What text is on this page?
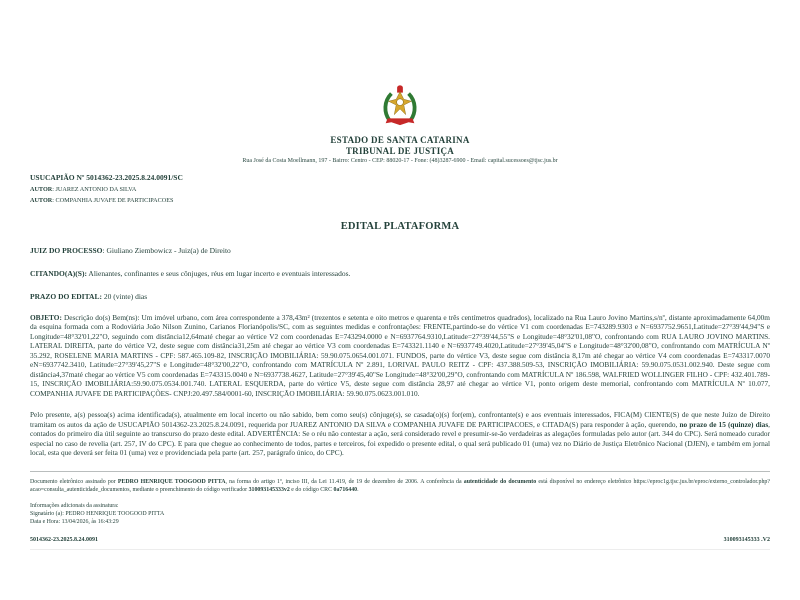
ESTADO DE SANTA CATARINA
TRIBUNAL DE JUSTIÇA
Rua José da Costa Moellmann, 197 - Bairro: Centro - CEP: 88020-17 - Fone: (48)3287-6900 - Email: capital.sucessoes@tjsc.jus.br
USUCAPIÃO Nº 5014362-23.2025.8.24.0091/SC
AUTOR: JUAREZ ANTONIO DA SILVA
AUTOR: COMPANHIA JUVAFE DE PARTICIPACOES
EDITAL PLATAFORMA
JUIZ DO PROCESSO: Giuliano Ziembowicz - Juiz(a) de Direito
CITANDO(A)(S): Alienantes, confinantes e seus cônjuges, réus em lugar incerto e eventuais interessados.
PRAZO DO EDITAL: 20 (vinte) dias
OBJETO: Descrição do(s) Bem(ns): Um imóvel urbano, com área correspondente a 378,43m² (trezentos e setenta e oito metros e quarenta e três centímetros quadrados), localizado na Rua Lauro Jovino Martins,s/nº, distante aproximadamente 64,00m da esquina formada com a Rodoviária João Nilson Zunino, Carianos Florianópolis/SC, com as seguintes medidas e confrontações: FRENTE,partindo-se do vértice V1 com coordenadas E=743289.9303 e N=6937752.9651,Latitude=27°39'44,94"S e Longitude=48°32'01,22"O, seguindo com distância12,64maté chegar ao vértice V2 com coordenadas E=743294.0000 e N=6937764.9310,Latitude=27°39'44,55"S e Longitude=48°32'01,08"O, confrontando com RUA LAURO JOVINO MARTINS. LATERAL DIREITA, parte do vértice V2, deste segue com distância31,25m até chegar ao vértice V3 com coordenadas E=743321.1140 e N=6937749.4020,Latitude=27°39'45,04"S e Longitude=48°32'00,08"O, confrontando com MATRÍCULA Nº 35.292, ROSELENE MARIA MARTINS - CPF: 587.465.109-82, INSCRIÇÃO IMOBILIÁRIA: 59.90.075.0654.001.071. FUNDOS, parte do vértice V3, deste segue com distância 8,17m até chegar ao vértice V4 com coordenadas E=743317.0070 eN=6937742.3410, Latitude=27°39'45,27"S e Longitude=48°32'00,22"O, confrontando com MATRÍCULA Nº 2.891, LORIVAL PAULO REITZ - CPF: 437.388.509-53, INSCRIÇÃO IMOBILIÁRIA: 59.90.075.0531.002.940. Deste segue com distância4,37maté chegar ao vértice V5 com coordenadas E=743315.0040 e N=6937738.4627, Latitude=27°39'45,40"Se Longitude=48°32'00,29"O, confrontando com MATRÍCULA Nº 186.598, WALFRIED WOLLINGER FILHO - CPF: 432.401.789-15, INSCRIÇÃO IMOBILIÁRIA:59.90.075.0534.001.740. LATERAL ESQUERDA, parte do vértice V5, deste segue com distância 28,97 até chegar ao vértice V1, ponto origem deste memorial, confrontando com MATRÍCULA Nº 10.077, COMPANHIA JUVAFE DE PARTICIPAÇÕES- CNPJ:20.497.584/0001-60, INSCRIÇÃO IMOBILIÁRIA: 59.90.075.0623.001.010.
Pelo presente, a(s) pessoa(s) acima identificada(s), atualmente em local incerto ou não sabido, bem como seu(s) cônjuge(s), se casada(o)(s) for(em), confrontante(s) e aos eventuais interessados, FICA(M) CIENTE(S) de que neste Juízo de Direito tramitam os autos da ação de USUCAPIÃO 5014362-23.2025.8.24.0091, requerida por JUAREZ ANTONIO DA SILVA e COMPANHIA JUVAFE DE PARTICIPACOES, e CITADA(S) para responder à ação, querendo, no prazo de 15 (quinze) dias, contados do primeiro dia útil seguinte ao transcurso do prazo deste edital. ADVERTÊNCIA: Se o réu não contestar a ação, será considerado revel e presumir-se-ão verdadeiras as alegações formuladas pelo autor (art. 344 do CPC). Será nomeado curador especial no caso de revelia (art. 257, IV do CPC). E para que chegue ao conhecimento de todos, partes e terceiros, foi expedido o presente edital, o qual será publicado 01 (uma) vez no Diário de Justiça Eletrônico Nacional (DJEN), e também em jornal local, esta que deverá ser feita 01 (uma) vez e providenciada pela parte (art. 257, parágrafo único, do CPC).
Documento eletrônico assinado por PEDRO HENRIQUE TOOGOOD PITTA, na forma do artigo 1º, inciso III, da Lei 11.419, de 19 de dezembro de 2006. A conferência da autenticidade do documento está disponível no endereço eletrônico https://eproc1g.tjsc.jus.br/eproc/externo_controlador.php?acao=consulta_autenticidade_documentos, mediante o preenchimento do código verificador 310093145333v2 e do código CRC 0a716440.
Informações adicionais da assinatura:
Signatário (a): PEDRO HENRIQUE TOOGOOD PITTA
Data e Hora: 13/04/2026, às 16:43:29
5014362-23.2025.8.24.0091	310093145333 .V2
